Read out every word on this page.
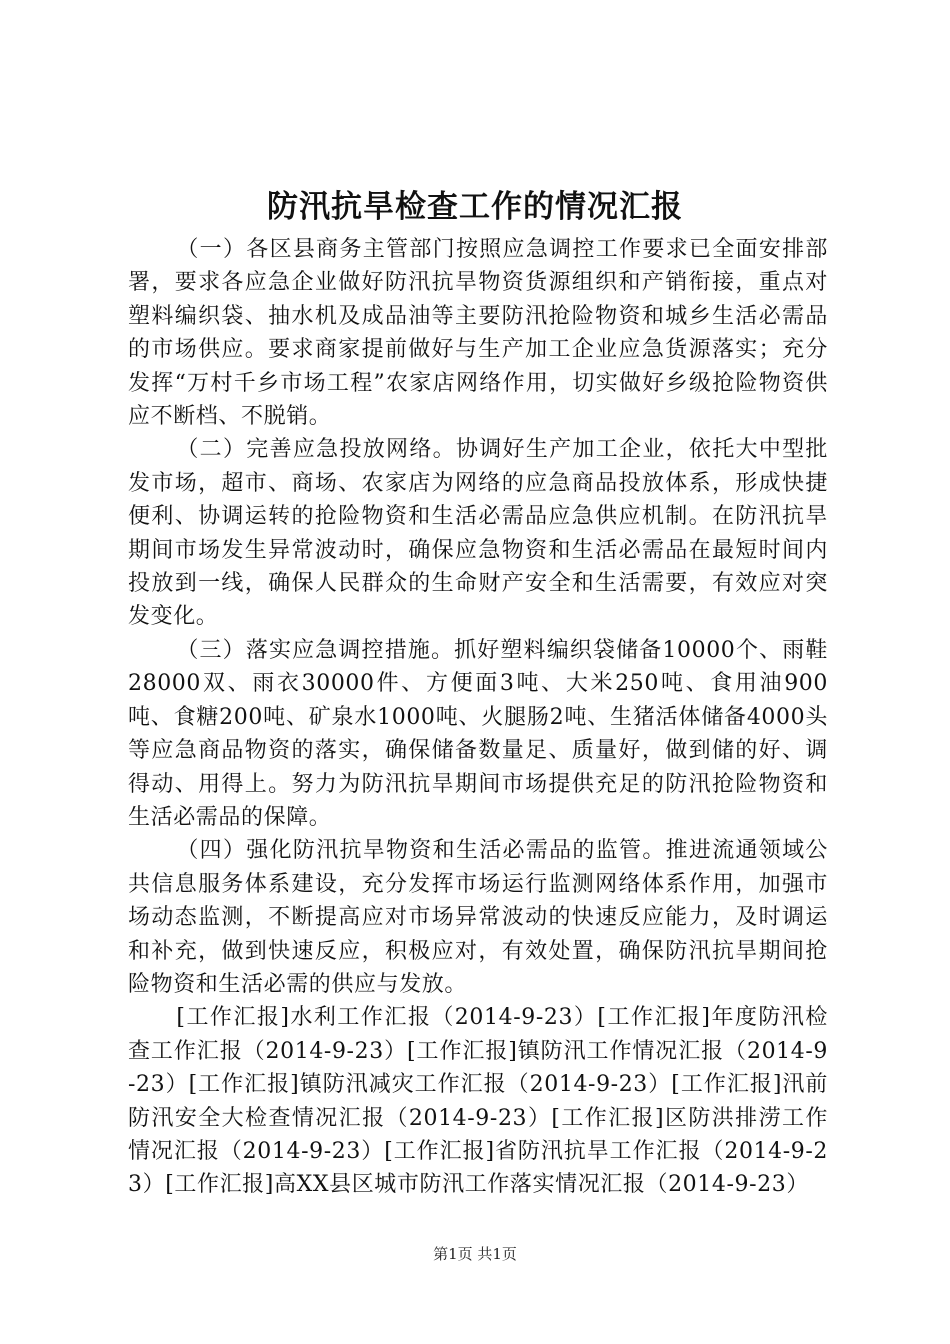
防汛抗旱检查工作的情况汇报

（一）各区县商务主管部门按照应急调控工作要求已全面安排部署，要求各应急企业做好防汛抗旱物资货源组织和产销衔接，重点对塑料编织袋、抽水机及成品油等主要防汛抢险物资和城乡生活必需品的市场供应。要求商家提前做好与生产加工企业应急货源落实；充分发挥“万村千乡市场工程”农家店网络作用，切实做好乡级抢险物资供应不断档、不脱销。

（二）完善应急投放网络。协调好生产加工企业，依托大中型批发市场，超市、商场、农家店为网络的应急商品投放体系，形成快捷便利、协调运转的抢险物资和生活必需品应急供应机制。在防汛抗旱期间市场发生异常波动时，确保应急物资和生活必需品在最短时间内投放到一线，确保人民群众的生命财产安全和生活需要，有效应对突发变化。

（三）落实应急调控措施。抓好塑料编织袋储备10000个、雨鞋28000双、雨衣30000件、方便面3吨、大米250吨、食用油900吨、食糖200吨、矿泉水1000吨、火腿肠2吨、生猪活体储备4000头等应急商品物资的落实，确保储备数量足、质量好，做到储的好、调得动、用得上。努力为防汛抗旱期间市场提供充足的防汛抢险物资和生活必需品的保障。

（四）强化防汛抗旱物资和生活必需品的监管。推进流通领域公共信息服务体系建设，充分发挥市场运行监测网络体系作用，加强市场动态监测，不断提高应对市场异常波动的快速反应能力，及时调运和补充，做到快速反应，积极应对，有效处置，确保防汛抗旱期间抢险物资和生活必需的供应与发放。

[工作汇报]水利工作汇报（2014-9-23）[工作汇报]年度防汛检查工作汇报（2014-9-23）[工作汇报]镇防汛工作情况汇报（2014-9-23）[工作汇报]镇防汛减灾工作汇报（2014-9-23）[工作汇报]汛前防汛安全大检查情况汇报（2014-9-23）[工作汇报]区防洪排涝工作情况汇报（2014-9-23）[工作汇报]省防汛抗旱工作汇报（2014-9-23）[工作汇报]高XX县区城市防汛工作落实情况汇报（2014-9-23）

第1页 共1页
